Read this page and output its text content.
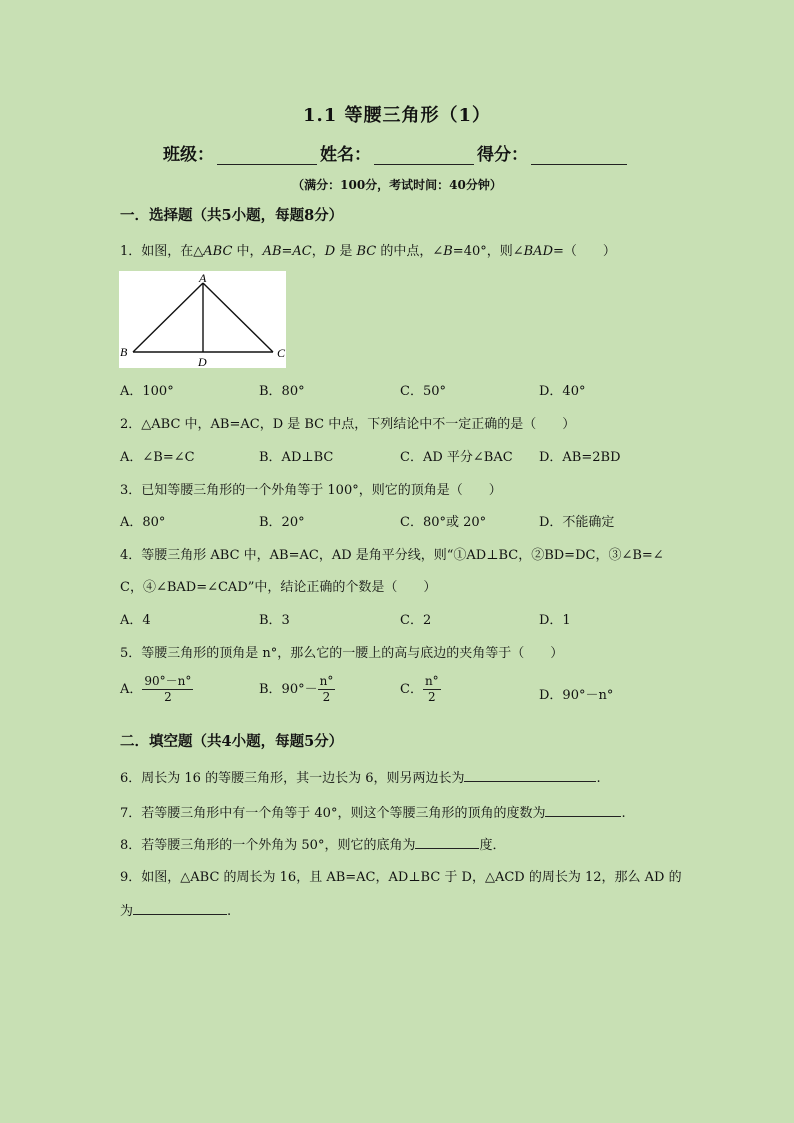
1.1 等腰三角形（1）
班级：	姓名：	得分：
（满分：100分，考试时间：40分钟）
一．选择题（共5小题，每题8分）
1．如图，在△ABC 中，AB=AC，D 是 BC 的中点，∠B=40°，则∠BAD=（　　）
A
B	C
D
A．100°	B．80°	C．50°	D．40°
2．△ABC 中，AB=AC，D 是 BC 中点，下列结论中不一定正确的是（　　）
A．∠B=∠C	B．AD⊥BC	C．AD 平分∠BAC D．AB=2BD
3．已知等腰三角形的一个外角等于 100°，则它的顶角是（　　）
A．80°	B．20°	C．80°或 20°	D．不能确定
4．等腰三角形 ABC 中，AB=AC，AD 是角平分线，则“①AD⊥BC，②BD=DC，③∠B=∠
C，④∠BAD=∠CAD”中，结论正确的个数是（　　）
A．4	B．3	C．2	D．1
5．等腰三角形的顶角是 n°，那么它的一腰上的高与底边的夹角等于（　　）
A． $\frac{90^\circ-n^\circ}{2}$	B．$90^\circ- \frac{n^\circ}{2}$	C． $\frac{n^\circ}{2}$	D．90°－n°
二．填空题（共4小题，每题5分）
6．周长为 16 的等腰三角形，其一边长为 6，则另两边长为	.
7．若等腰三角形中有一个角等于 40°，则这个等腰三角形的顶角的度数为	.
8．若等腰三角形的一个外角为 50°，则它的底角为	度．
9．如图，△ABC 的周长为 16，且 AB=AC，AD⊥BC 于 D，△ACD 的周长为 12，那么 AD 的
为	.
